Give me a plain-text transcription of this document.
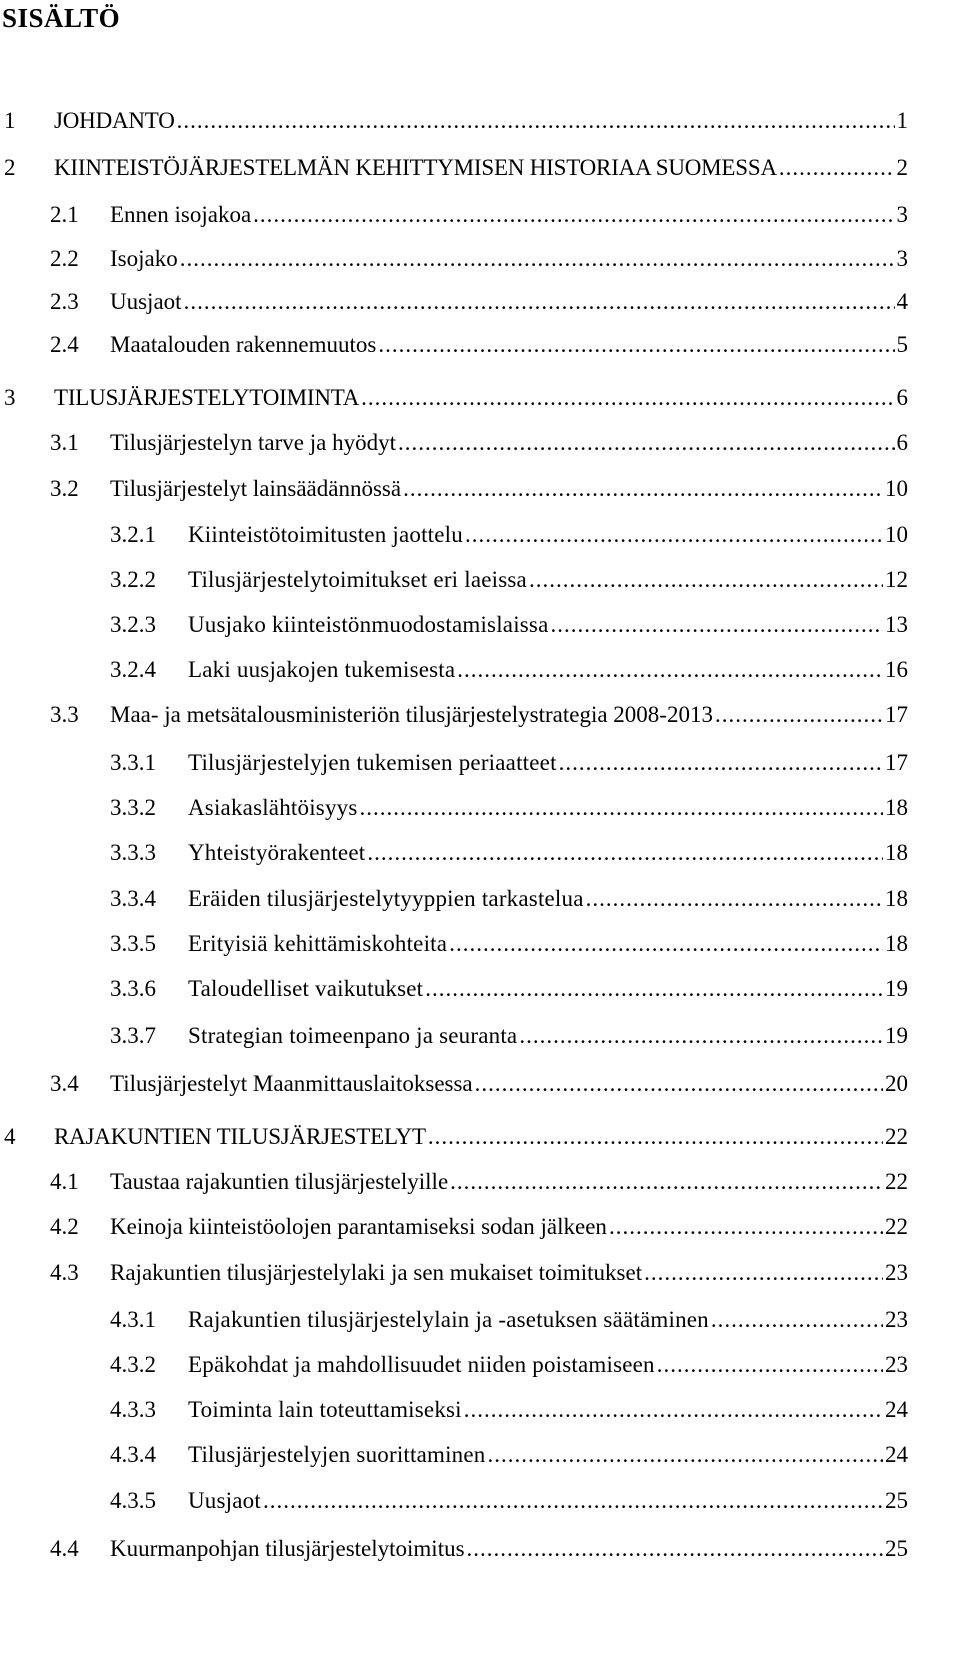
SISÄLTÖ
1	JOHDANTO .....	1
2	KIINTEISTÖJÄRJESTELMÄN KEHITTYMISEN HISTORIAA SUOMESSA .....	2
2.1	Ennen isojakoa .....	3
2.2	Isojako .....	3
2.3	Uusjaot .....	4
2.4	Maatalouden rakennemuutos .....	5
3	TILUSJÄRJESTELYTOIMINTA .....	6
3.1	Tilusjärjestelyn tarve ja hyödyt .....	6
3.2	Tilusjärjestelyt lainsäädännössä .....	10
3.2.1	Kiinteistötoimitusten jaottelu .....	10
3.2.2	Tilusjärjestelytoimitukset eri laeissa .....	12
3.2.3	Uusjako kiinteistönmuodostamislaissa .....	13
3.2.4	Laki uusjakojen tukemisesta .....	16
3.3	Maa- ja metsätalousministeriön tilusjärjestelystrategia 2008-2013 .....	17
3.3.1	Tilusjärjestelyjen tukemisen periaatteet .....	17
3.3.2	Asiakaslähtöisyys .....	18
3.3.3	Yhteistyörakenteet .....	18
3.3.4	Eräiden tilusjärjestelytyyppien tarkastelua .....	18
3.3.5	Erityisiä kehittämiskohteita .....	18
3.3.6	Taloudelliset vaikutukset .....	19
3.3.7	Strategian toimeenpano ja seuranta .....	19
3.4	Tilusjärjestelyt Maanmittauslaitoksessa .....	20
4	RAJAKUNTIEN TILUSJÄRJESTELYT .....	22
4.1	Taustaa rajakuntien tilusjärjestelyille .....	22
4.2	Keinoja kiinteistöolojen parantamiseksi sodan jälkeen .....	22
4.3	Rajakuntien tilusjärjestelylaki ja sen mukaiset toimitukset .....	23
4.3.1	Rajakuntien tilusjärjestelylain ja -asetuksen säätäminen .....	23
4.3.2	Epäkohdat ja mahdollisuudet niiden poistamiseen .....	23
4.3.3	Toiminta lain toteuttamiseksi .....	24
4.3.4	Tilusjärjestelyjen suorittaminen .....	24
4.3.5	Uusjaot .....	25
4.4	Kuurmanpohjan tilusjärjestelytoimitus .....	25
